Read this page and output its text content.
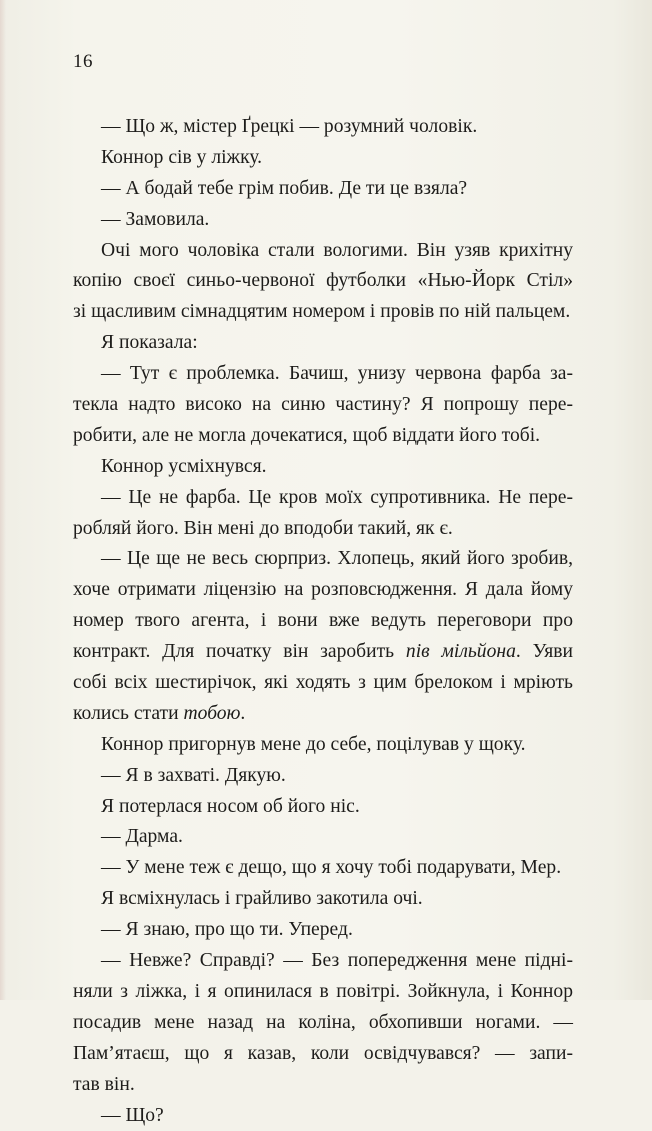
16
— Що ж, містер Ґрецкі — розумний чоловік.
Коннор сів у ліжку.
— А бодай тебе грім побив. Де ти це взяла?
— Замовила.
Очі мого чоловіка стали вологими. Він узяв крихітну
копію своєї синьо-червоної футболки «Нью-Йорк Стіл»
зі щасливим сімнадцятим номером і провів по ній пальцем.
Я показала:
— Тут є проблемка. Бачиш, унизу червона фарба за-
текла надто високо на синю частину? Я попрошу пере-
робити, але не могла дочекатися, щоб віддати його тобі.
Коннор усміхнувся.
— Це не фарба. Це кров моїх супротивника. Не пере-
робляй його. Він мені до вподоби такий, як є.
— Це ще не весь сюрприз. Хлопець, який його зробив,
хоче отримати ліцензію на розповсюдження. Я дала йому
номер твого агента, і вони вже ведуть переговори про
контракт. Для початку він заробить пів мільйона. Уяви
собі всіх шестирічок, які ходять з цим брелоком і мріють
колись стати тобою.
Коннор пригорнув мене до себе, поцілував у щоку.
— Я в захваті. Дякую.
Я потерлася носом об його ніс.
— Дарма.
— У мене теж є дещо, що я хочу тобі подарувати, Мер.
Я всміхнулась і грайливо закотила очі.
— Я знаю, про що ти. Уперед.
— Невже? Справді? — Без попередження мене підні-
няли з ліжка, і я опинилася в повітрі. Зойкнула, і Коннор
посадив мене назад на коліна, обхопивши ногами. —
Пам’ятаєш, що я казав, коли освідчувався? — запи-
тав він.
— Що?
